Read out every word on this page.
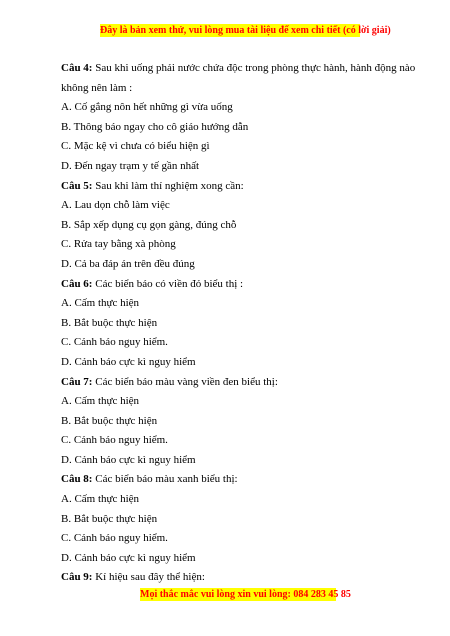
Đây là bản xem thử, vui lòng mua tài liệu để xem chi tiết (có lời giải)
Câu 4: Sau khi uống phải nước chứa độc trong phòng thực hành, hành động nào
không nên làm :
A. Cố gắng nôn hết những gì vừa uống
B. Thông báo ngay cho cô giáo hướng dẫn
C. Mặc kệ vì chưa có biểu hiện gì
D. Đến ngay trạm y tế gần nhất
Câu 5: Sau khi làm thí nghiệm xong cần:
A. Lau dọn chỗ làm việc
B. Sắp xếp dụng cụ gọn gàng, đúng chỗ
C. Rửa tay bằng xà phòng
D. Cả ba đáp án trên đều đúng
Câu 6: Các biển báo có viền đỏ biểu thị :
A. Cấm thực hiện
B. Bắt buộc thực hiện
C. Cảnh báo nguy hiểm.
D. Cảnh báo cực kì nguy hiểm
Câu 7: Các biển báo màu vàng viền đen biểu thị:
A. Cấm thực hiện
B. Bắt buộc thực hiện
C. Cảnh báo nguy hiểm.
D. Cảnh báo cực kì nguy hiểm
Câu 8: Các biển báo màu xanh biểu thị:
A. Cấm thực hiện
B. Bắt buộc thực hiện
C. Cảnh báo nguy hiểm.
D. Cảnh báo cực kì nguy hiểm
Câu 9: Kí hiệu sau đây thể hiện:
Mọi thắc mắc vui lòng xin vui lòng: 084 283 45 85
